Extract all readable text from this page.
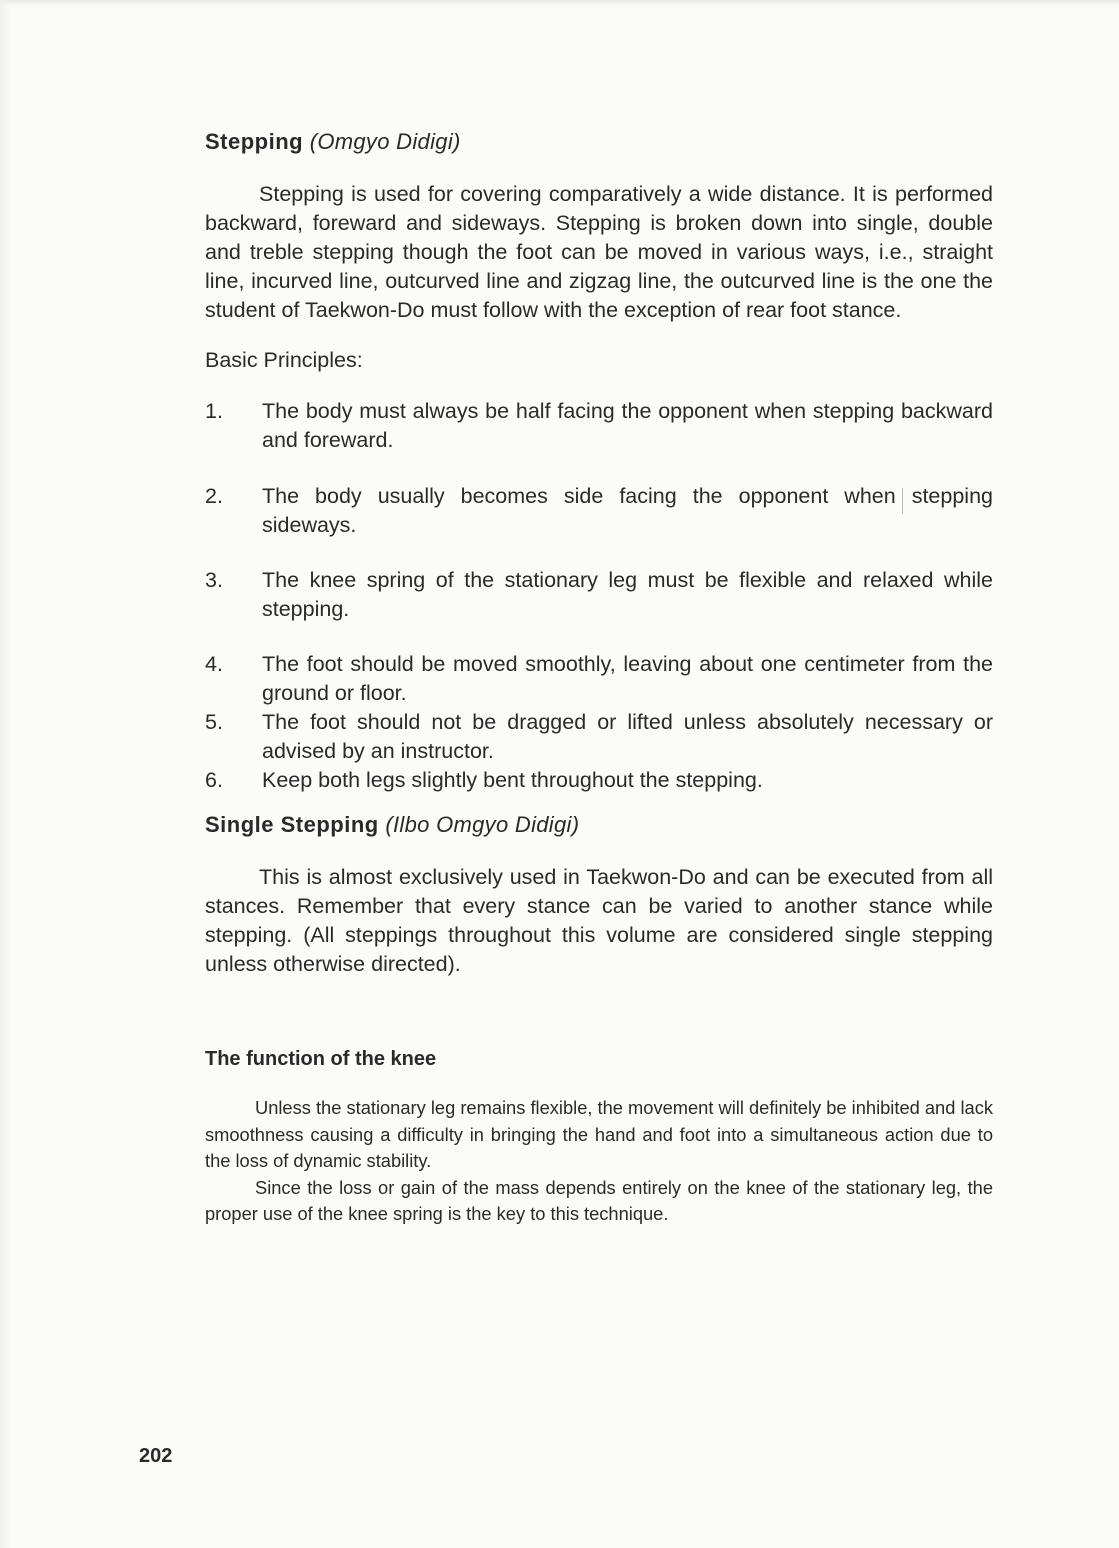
Stepping (Omgyo Didigi)

Stepping is used for covering comparatively a wide distance. It is performed backward, foreward and sideways. Stepping is broken down into single, double and treble stepping though the foot can be moved in various ways, i.e., straight line, incurved line, outcurved line and zigzag line, the outcurved line is the one the student of Taekwon-Do must follow with the exception of rear foot stance.

Basic Principles:

1.	The body must always be half facing the opponent when stepping backward and foreward.
2.	The body usually becomes side facing the opponent when stepping sideways.
3.	The knee spring of the stationary leg must be flexible and relaxed while stepping.
4.	The foot should be moved smoothly, leaving about one centimeter from the ground or floor.
5.	The foot should not be dragged or lifted unless absolutely necessary or advised by an instructor.
6.	Keep both legs slightly bent throughout the stepping.
Single Stepping (Ilbo Omgyo Didigi)

This is almost exclusively used in Taekwon-Do and can be executed from all stances. Remember that every stance can be varied to another stance while stepping. (All steppings throughout this volume are considered single stepping unless otherwise directed).

The function of the knee

Unless the stationary leg remains flexible, the movement will definitely be inhibited and lack smoothness causing a difficulty in bringing the hand and foot into a simultaneous action due to the loss of dynamic stability.

Since the loss or gain of the mass depends entirely on the knee of the stationary leg, the proper use of the knee spring is the key to this technique.

202
